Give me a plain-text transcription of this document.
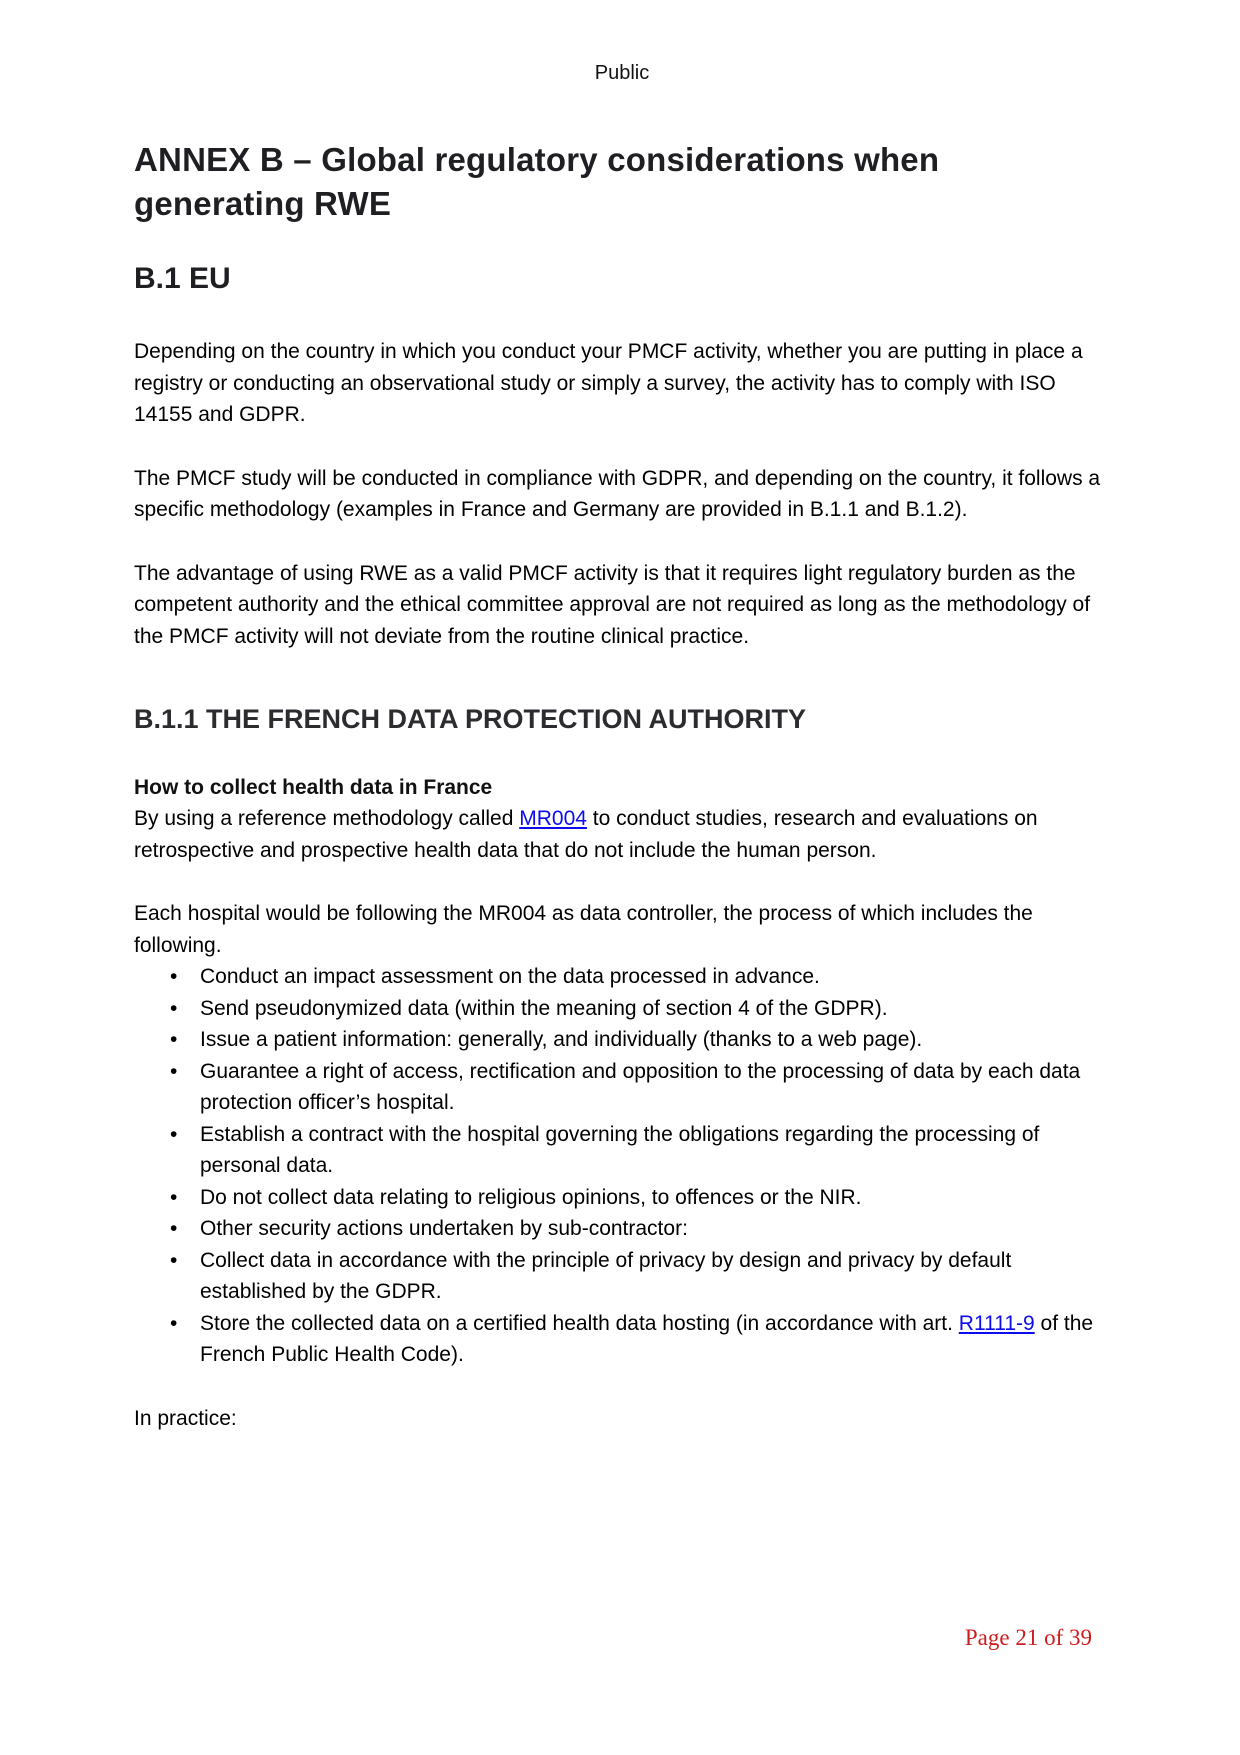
Public
ANNEX B – Global regulatory considerations when generating RWE
B.1 EU

Depending on the country in which you conduct your PMCF activity, whether you are putting in place a registry or conducting an observational study or simply a survey, the activity has to comply with ISO 14155 and GDPR.

The PMCF study will be conducted in compliance with GDPR, and depending on the country, it follows a specific methodology (examples in France and Germany are provided in B.1.1 and B.1.2).

The advantage of using RWE as a valid PMCF activity is that it requires light regulatory burden as the competent authority and the ethical committee approval are not required as long as the methodology of the PMCF activity will not deviate from the routine clinical practice.

B.1.1 THE FRENCH DATA PROTECTION AUTHORITY
How to collect health data in France

By using a reference methodology called MR004 to conduct studies, research and evaluations on retrospective and prospective health data that do not include the human person.

Each hospital would be following the MR004 as data controller, the process of which includes the following.

• Conduct an impact assessment on the data processed in advance.
• Send pseudonymized data (within the meaning of section 4 of the GDPR).
• Issue a patient information: generally, and individually (thanks to a web page).
• Guarantee a right of access, rectification and opposition to the processing of data by each data protection officer’s hospital.
• Establish a contract with the hospital governing the obligations regarding the processing of personal data.
• Do not collect data relating to religious opinions, to offences or the NIR.
• Other security actions undertaken by sub-contractor:
• Collect data in accordance with the principle of privacy by design and privacy by default established by the GDPR.
• Store the collected data on a certified health data hosting (in accordance with art. R1111-9 of the French Public Health Code).

In practice:

Page 21 of 39
